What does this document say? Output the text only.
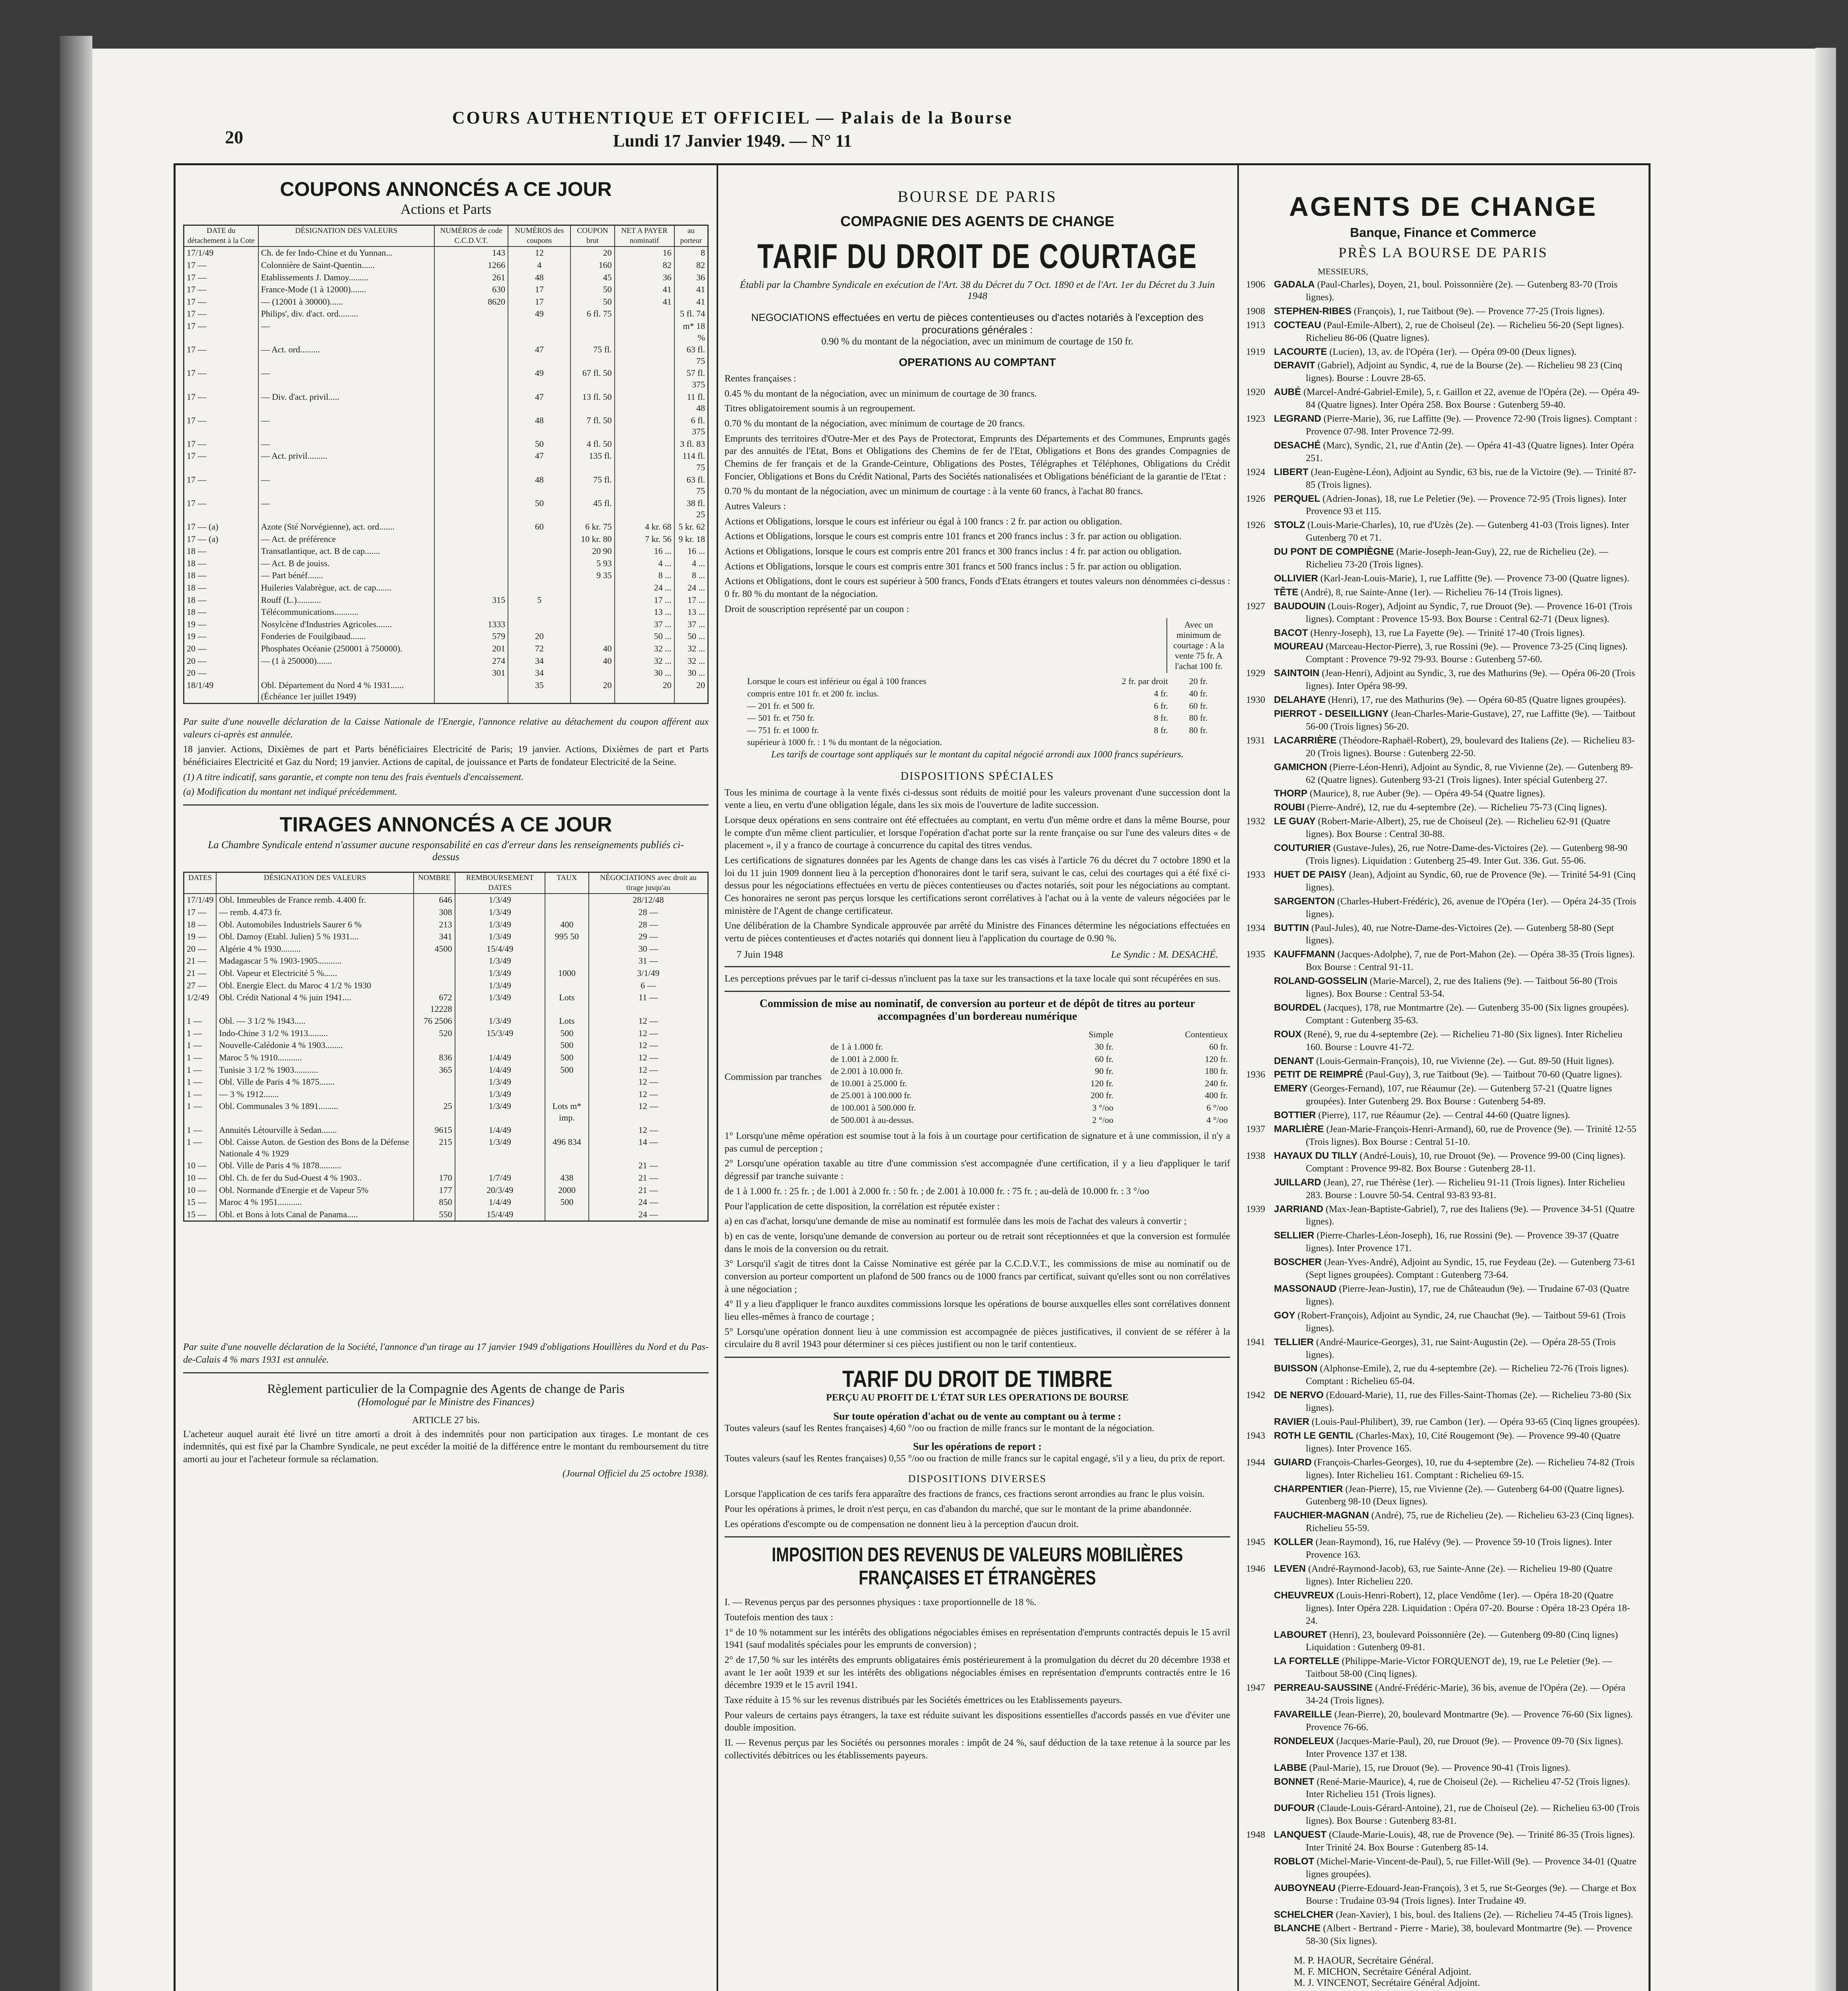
20
COURS AUTHENTIQUE ET OFFICIEL — Palais de la Bourse
Lundi 17 Janvier 1949. — N° 11
COUPONS ANNONCÉS A CE JOUR
Actions et Parts
DATE du détachement à la Cote	DÉSIGNATION DES VALEURS	NUMÉROS de code C.C.D.V.T.	NUMÉROS des coupons	COUPON brut	NET A PAYER nominatif	au porteur
17/1/49	Ch. de fer Indo-Chine et du Yunnan...	143	12	20	16	8
17 —	Colonnière de Saint-Quentin......	1266	4	160	82	82
17 —	Etablissements J. Damoy.........	261	48	45	36	36
17 —	France-Mode (1 à 12000).......	630	17	50	41	41
17 —	— (12001 à 30000)......	8620	17	50	41	41
17 —	Philips', div. d'act. ord.........		49	6 fl. 75		5 fl. 74
17 —	—					m* 18 %
17 —	— Act. ord.........		47	75 fl.		63 fl. 75
17 —	—		49	67 fl. 50		57 fl. 375
17 —	— Div. d'act. privil.....		47	13 fl. 50		11 fl. 48
17 —	—		48	7 fl. 50		6 fl. 375
17 —	—		50	4 fl. 50		3 fl. 83
17 —	— Act. privil.........		47	135 fl.		114 fl. 75
17 —	—		48	75 fl.		63 fl. 75
17 —	—		50	45 fl.		38 fl. 25
17 — (a)	Azote (Sté Norvégienne), act. ord.......		60	6 kr. 75	4 kr. 68	5 kr. 62
17 — (a)	— Act. de préférence			10 kr. 80	7 kr. 56	9 kr. 18
18 —	Transatlantique, act. B de cap.......			20 90	16 ...	16 ...
18 —	— Act. B de jouiss.			5 93	4 ...	4 ...
18 —	— Part bénéf.......			9 35	8 ...	8 ...
18 —	Huileries Valabrègue, act. de cap.......				24 ...	24 ...
18 —	Rouff (L.)...........	315	5		17 ...	17 ...
18 —	Télécommunications...........				13 ...	13 ...
19 —	Nosylcène d'Industries Agricoles.......	1333			37 ...	37 ...
19 —	Fonderies de Fouilgibaud.......	579	20		50 ...	50 ...
20 —	Phosphates Océanie (250001 à 750000).	201	72	40	32 ...	32 ...
20 —	— (1 à 250000).......	274	34	40	32 ...	32 ...
20 —		301	34		30 ...	30 ...
18/1/49	Obl. Département du Nord 4 % 1931...... (Échéance 1er juillet 1949)		35	20	20	20

Par suite d'une nouvelle déclaration de la Caisse Nationale de l'Energie, l'annonce relative au détachement du coupon afférent aux valeurs ci-après est annulée.

18 janvier. Actions, Dixièmes de part et Parts bénéficiaires Electricité de Paris; 19 janvier. Actions, Dixièmes de part et Parts bénéficiaires Electricité et Gaz du Nord; 19 janvier. Actions de capital, de jouissance et Parts de fondateur Electricité de la Seine.

(1) A titre indicatif, sans garantie, et compte non tenu des frais éventuels d'encaissement.

(a) Modification du montant net indiqué précédemment.

TIRAGES ANNONCÉS A CE JOUR
La Chambre Syndicale entend n'assumer aucune responsabilité en cas d'erreur dans les renseignements publiés ci-dessus
DATES	DÉSIGNATION DES VALEURS	NOMBRE	REMBOURSEMENT DATES	TAUX	NÉGOCIATIONS avec droit au tirage jusqu'au
17/1/49	Obl. Immeubles de France remb. 4.400 fr.	646	1/3/49		28/12/48
17 —	— remb. 4.473 fr.	308	1/3/49		28 —
18 —	Obl. Automobiles Industriels Saurer 6 %	213	1/3/49	400	28 —
19 —	Obl. Damoy (Etabl. Julien) 5 % 1931....	341	1/3/49	995 50	29 —
20 —	Algérie 4 % 1930.........	4500	15/4/49		30 —
21 —	Madagascar 5 % 1903-1905...........		1/3/49		31 —
21 —	Obl. Vapeur et Electricité 5 %......		1/3/49	1000	3/1/49
27 —	Obl. Energie Elect. du Maroc 4 1/2 % 1930		1/3/49		6 —
1/2/49	Obl. Crédit National 4 % juin 1941....	672 12228	1/3/49	Lots	11 —
1 —	Obl. — 3 1/2 % 1943.....	76 2506	1/3/49	Lots	12 —
1 —	Indo-Chine 3 1/2 % 1913.........	520	15/3/49	500	12 —
1 —	Nouvelle-Calédonie 4 % 1903........			500	12 —
1 —	Maroc 5 % 1910...........	836	1/4/49	500	12 —
1 —	Tunisie 3 1/2 % 1903...........	365	1/4/49	500	12 —
1 —	Obl. Ville de Paris 4 % 1875.......		1/3/49		12 —
1 —	— 3 % 1912.......		1/3/49		12 —
1 —	Obl. Communales 3 % 1891.........	25	1/3/49	Lots m* imp.	12 —
1 —	Annuités Létourville à Sedan.......	9615	1/4/49		12 —
1 —	Obl. Caisse Auton. de Gestion des Bons de la Défense Nationale 4 % 1929	215	1/3/49	496 834	14 —
10 —	Obl. Ville de Paris 4 % 1878..........				21 —
10 —	Obl. Ch. de fer du Sud-Ouest 4 % 1903..	170	1/7/49	438	21 —
10 —	Obl. Normande d'Energie et de Vapeur 5%	177	20/3/49	2000	21 —
15 —	Maroc 4 % 1951...........	850	1/4/49	500	24 —
15 —	Obl. et Bons à lots Canal de Panama.....	550	15/4/49		24 —

Par suite d'une nouvelle déclaration de la Société, l'annonce d'un tirage au 17 janvier 1949 d'obligations Houillères du Nord et du Pas-de-Calais 4 % mars 1931 est annulée.

Règlement particulier de la Compagnie des Agents de change de Paris
(Homologué par le Ministre des Finances)
ARTICLE 27 bis.

L'acheteur auquel aurait été livré un titre amorti a droit à des indemnités pour non participation aux tirages. Le montant de ces indemnités, qui est fixé par la Chambre Syndicale, ne peut excéder la moitié de la différence entre le montant du remboursement du titre amorti au jour et l'acheteur formule sa réclamation.

(Journal Officiel du 25 octobre 1938).
BOURSE DE PARIS
COMPAGNIE DES AGENTS DE CHANGE
TARIF DU DROIT DE COURTAGE
Établi par la Chambre Syndicale en exécution de l'Art. 38 du Décret du 7 Oct. 1890 et de l'Art. 1er du Décret du 3 Juin 1948
NEGOCIATIONS effectuées en vertu de pièces contentieuses ou d'actes notariés à l'exception des procurations générales :
0.90 % du montant de la négociation, avec un minimum de courtage de 150 fr.
OPERATIONS AU COMPTANT

Rentes françaises :

0.45 % du montant de la négociation, avec un minimum de courtage de 30 francs.

Titres obligatoirement soumis à un regroupement.

0.70 % du montant de la négociation, avec minimum de courtage de 20 francs.

Emprunts des territoires d'Outre-Mer et des Pays de Protectorat, Emprunts des Départements et des Communes, Emprunts gagés par des annuités de l'Etat, Bons et Obligations des Chemins de fer de l'Etat, Obligations et Bons des grandes Compagnies de Chemins de fer français et de la Grande-Ceinture, Obligations des Postes, Télégraphes et Téléphones, Obligations du Crédit Foncier, Obligations et Bons du Crédit National, Parts des Sociétés nationalisées et Obligations bénéficiant de la garantie de l'Etat :

0.70 % du montant de la négociation, avec un minimum de courtage : à la vente 60 francs, à l'achat 80 francs.

Autres Valeurs :

Actions et Obligations, lorsque le cours est inférieur ou égal à 100 francs : 2 fr. par action ou obligation.

Actions et Obligations, lorsque le cours est compris entre 101 francs et 200 francs inclus : 3 fr. par action ou obligation.

Actions et Obligations, lorsque le cours est compris entre 201 francs et 300 francs inclus : 4 fr. par action ou obligation.

Actions et Obligations, lorsque le cours est compris entre 301 francs et 500 francs inclus : 5 fr. par action ou obligation.

Actions et Obligations, dont le cours est supérieur à 500 francs, Fonds d'Etats étrangers et toutes valeurs non dénommées ci-dessus : 0 fr. 80 % du montant de la négociation.

Droit de souscription représenté par un coupon :

Avec un minimum de courtage : A la vente 75 fr. A l'achat 100 fr.
Lorsque le cours est inférieur ou égal à 100 frances	2 fr. par droit	20 fr.
compris entre 101 fr. et 200 fr. inclus.	4 fr.	40 fr.
— 201 fr. et 500 fr.	6 fr.	60 fr.
— 501 fr. et 750 fr.	8 fr.	80 fr.
— 751 fr. et 1000 fr.	8 fr.	80 fr.
supérieur à 1000 fr. : 1 % du montant de la négociation.		

Les tarifs de courtage sont appliqués sur le montant du capital négocié arrondi aux 1000 francs supérieurs.

DISPOSITIONS SPÉCIALES

Tous les minima de courtage à la vente fixés ci-dessus sont réduits de moitié pour les valeurs provenant d'une succession dont la vente a lieu, en vertu d'une obligation légale, dans les six mois de l'ouverture de ladite succession.

Lorsque deux opérations en sens contraire ont été effectuées au comptant, en vertu d'un même ordre et dans la même Bourse, pour le compte d'un même client particulier, et lorsque l'opération d'achat porte sur la rente française ou sur l'une des valeurs dites « de placement », il y a franco de courtage à concurrence du capital des titres vendus.

Les certifications de signatures données par les Agents de change dans les cas visés à l'article 76 du décret du 7 octobre 1890 et la loi du 11 juin 1909 donnent lieu à la perception d'honoraires dont le tarif sera, suivant le cas, celui des courtages qui a été fixé ci-dessus pour les négociations effectuées en vertu de pièces contentieuses ou d'actes notariés, soit pour les négociations au comptant. Ces honoraires ne seront pas perçus lorsque les certifications seront corrélatives à l'achat ou à la vente de valeurs négociées par le ministère de l'Agent de change certificateur.

Une délibération de la Chambre Syndicale approuvée par arrêté du Ministre des Finances détermine les négociations effectuées en vertu de pièces contentieuses et d'actes notariés qui donnent lieu à l'application du courtage de 0.90 %.

7 Juin 1948	Le Syndic : M. DESACHÉ.

Les perceptions prévues par le tarif ci-dessus n'incluent pas la taxe sur les transactions et la taxe locale qui sont récupérées en sus.

Commission de mise au nominatif, de conversion au porteur et de dépôt de titres au porteur accompagnées d'un bordereau numérique
Commission par tranches
	Simple	Contentieux
de 1 à 1.000 fr.	30 fr.	60 fr.
de 1.001 à 2.000 fr.	60 fr.	120 fr.
de 2.001 à 10.000 fr.	90 fr.	180 fr.
de 10.001 à 25.000 fr.	120 fr.	240 fr.
de 25.001 à 100.000 fr.	200 fr.	400 fr.
de 100.001 à 500.000 fr.	3 °/oo	6 °/oo
de 500.001 à au-dessus.	2 °/oo	4 °/oo

1° Lorsqu'une même opération est soumise tout à la fois à un courtage pour certification de signature et à une commission, il n'y a pas cumul de perception ;

2° Lorsqu'une opération taxable au titre d'une commission s'est accompagnée d'une certification, il y a lieu d'appliquer le tarif dégressif par tranche suivante :

de 1 à 1.000 fr. : 25 fr. ; de 1.001 à 2.000 fr. : 50 fr. ; de 2.001 à 10.000 fr. : 75 fr. ; au-delà de 10.000 fr. : 3 °/oo

Pour l'application de cette disposition, la corrélation est réputée exister :

a) en cas d'achat, lorsqu'une demande de mise au nominatif est formulée dans les mois de l'achat des valeurs à convertir ;

b) en cas de vente, lorsqu'une demande de conversion au porteur ou de retrait sont réceptionnées et que la conversion est formulée dans le mois de la conversion ou du retrait.

3° Lorsqu'il s'agit de titres dont la Caisse Nominative est gérée par la C.C.D.V.T., les commissions de mise au nominatif ou de conversion au porteur comportent un plafond de 500 francs ou de 1000 francs par certificat, suivant qu'elles sont ou non corrélatives à une négociation ;

4° Il y a lieu d'appliquer le franco auxdites commissions lorsque les opérations de bourse auxquelles elles sont corrélatives donnent lieu elles-mêmes à franco de courtage ;

5° Lorsqu'une opération donnent lieu à une commission est accompagnée de pièces justificatives, il convient de se référer à la circulaire du 8 avril 1943 pour déterminer si ces pièces justifient ou non le tarif contentieux.

TARIF DU DROIT DE TIMBRE
PERÇU AU PROFIT DE L'ÉTAT SUR LES OPERATIONS DE BOURSE
Sur toute opération d'achat ou de vente au comptant ou à terme :

Toutes valeurs (sauf les Rentes françaises) 4,60 °/oo ou fraction de mille francs sur le montant de la négociation.

Sur les opérations de report :

Toutes valeurs (sauf les Rentes françaises) 0,55 °/oo ou fraction de mille francs sur le capital engagé, s'il y a lieu, du prix de report.

DISPOSITIONS DIVERSES

Lorsque l'application de ces tarifs fera apparaître des fractions de francs, ces fractions seront arrondies au franc le plus voisin.

Pour les opérations à primes, le droit n'est perçu, en cas d'abandon du marché, que sur le montant de la prime abandonnée.

Les opérations d'escompte ou de compensation ne donnent lieu à la perception d'aucun droit.

IMPOSITION DES REVENUS DE VALEURS MOBILIÈRES
FRANÇAISES ET ÉTRANGÈRES

I. — Revenus perçus par des personnes physiques : taxe proportionnelle de 18 %.

Toutefois mention des taux :

1° de 10 % notamment sur les intérêts des obligations négociables émises en représentation d'emprunts contractés depuis le 15 avril 1941 (sauf modalités spéciales pour les emprunts de conversion) ;

2° de 17,50 % sur les intérêts des emprunts obligataires émis postérieurement à la promulgation du décret du 20 décembre 1938 et avant le 1er août 1939 et sur les intérêts des obligations négociables émises en représentation d'emprunts contractés entre le 16 décembre 1939 et le 15 avril 1941.

Taxe réduite à 15 % sur les revenus distribués par les Sociétés émettrices ou les Etablissements payeurs.

Pour valeurs de certains pays étrangers, la taxe est réduite suivant les dispositions essentielles d'accords passés en vue d'éviter une double imposition.

II. — Revenus perçus par les Sociétés ou personnes morales : impôt de 24 %, sauf déduction de la taxe retenue à la source par les collectivités débitrices ou les établissements payeurs.

AGENTS DE CHANGE
Banque, Finance et Commerce
PRÈS LA BOURSE DE PARIS
MESSIEURS,

1906 GADALA (Paul-Charles), Doyen, 21, boul. Poissonnière (2e). — Gutenberg 83-70 (Trois lignes).

1908 STEPHEN-RIBES (François), 1, rue Taitbout (9e). — Provence 77-25 (Trois lignes).

1913 COCTEAU (Paul-Emile-Albert), 2, rue de Choiseul (2e). — Richelieu 56-20 (Sept lignes). Richelieu 86-06 (Quatre lignes).

1919 LACOURTE (Lucien), 13, av. de l'Opéra (1er). — Opéra 09-00 (Deux lignes).

DERAVIT (Gabriel), Adjoint au Syndic, 4, rue de la Bourse (2e). — Richelieu 98 23 (Cinq lignes). Bourse : Louvre 28-65.

1920 AUBÉ (Marcel-André-Gabriel-Emile), 5, r. Gaillon et 22, avenue de l'Opéra (2e). — Opéra 49-84 (Quatre lignes). Inter Opéra 258. Box Bourse : Gutenberg 59-40.

1923 LEGRAND (Pierre-Marie), 36, rue Laffitte (9e). — Provence 72-90 (Trois lignes). Comptant : Provence 07-98. Inter Provence 72-99.

DESACHÉ (Marc), Syndic, 21, rue d'Antin (2e). — Opéra 41-43 (Quatre lignes). Inter Opéra 251.

1924 LIBERT (Jean-Eugène-Léon), Adjoint au Syndic, 63 bis, rue de la Victoire (9e). — Trinité 87-85 (Trois lignes).

1926 PERQUEL (Adrien-Jonas), 18, rue Le Peletier (9e). — Provence 72-95 (Trois lignes). Inter Provence 93 et 115.

1926 STOLZ (Louis-Marie-Charles), 10, rue d'Uzès (2e). — Gutenberg 41-03 (Trois lignes). Inter Gutenberg 70 et 71.

DU PONT DE COMPIÈGNE (Marie-Joseph-Jean-Guy), 22, rue de Richelieu (2e). — Richelieu 73-20 (Trois lignes).

OLLIVIER (Karl-Jean-Louis-Marie), 1, rue Laffitte (9e). — Provence 73-00 (Quatre lignes).

TÊTE (André), 8, rue Sainte-Anne (1er). — Richelieu 76-14 (Trois lignes).

1927 BAUDOUIN (Louis-Roger), Adjoint au Syndic, 7, rue Drouot (9e). — Provence 16-01 (Trois lignes). Comptant : Provence 15-93. Box Bourse : Central 62-71 (Deux lignes).

BACOT (Henry-Joseph), 13, rue La Fayette (9e). — Trinité 17-40 (Trois lignes).

MOUREAU (Marceau-Hector-Pierre), 3, rue Rossini (9e). — Provence 73-25 (Cinq lignes). Comptant : Provence 79-92 79-93. Bourse : Gutenberg 57-60.

1929 SAINTOIN (Jean-Henri), Adjoint au Syndic, 3, rue des Mathurins (9e). — Opéra 06-20 (Trois lignes). Inter Opéra 98-99.

1930 DELAHAYE (Henri), 17, rue des Mathurins (9e). — Opéra 60-85 (Quatre lignes groupées).

PIERROT - DESEILLIGNY (Jean-Charles-Marie-Gustave), 27, rue Laffitte (9e). — Taitbout 56-00 (Trois lignes) 56-20.

1931 LACARRIÈRE (Théodore-Raphaël-Robert), 29, boulevard des Italiens (2e). — Richelieu 83-20 (Trois lignes). Bourse : Gutenberg 22-50.

GAMICHON (Pierre-Léon-Henri), Adjoint au Syndic, 8, rue Vivienne (2e). — Gutenberg 89-62 (Quatre lignes). Gutenberg 93-21 (Trois lignes). Inter spécial Gutenberg 27.

THORP (Maurice), 8, rue Auber (9e). — Opéra 49-54 (Quatre lignes).

ROUBI (Pierre-André), 12, rue du 4-septembre (2e). — Richelieu 75-73 (Cinq lignes).

1932 LE GUAY (Robert-Marie-Albert), 25, rue de Choiseul (2e). — Richelieu 62-91 (Quatre lignes). Box Bourse : Central 30-88.

COUTURIER (Gustave-Jules), 26, rue Notre-Dame-des-Victoires (2e). — Gutenberg 98-90 (Trois lignes). Liquidation : Gutenberg 25-49. Inter Gut. 336. Gut. 55-06.

1933 HUET DE PAISY (Jean), Adjoint au Syndic, 60, rue de Provence (9e). — Trinité 54-91 (Cinq lignes).

SARGENTON (Charles-Hubert-Frédéric), 26, avenue de l'Opéra (1er). — Opéra 24-35 (Trois lignes).

1934 BUTTIN (Paul-Jules), 40, rue Notre-Dame-des-Victoires (2e). — Gutenberg 58-80 (Sept lignes).

1935 KAUFFMANN (Jacques-Adolphe), 7, rue de Port-Mahon (2e). — Opéra 38-35 (Trois lignes). Box Bourse : Central 91-11.

ROLAND-GOSSELIN (Marie-Marcel), 2, rue des Italiens (9e). — Taitbout 56-80 (Trois lignes). Box Bourse : Central 53-54.

BOURDEL (Jacques), 178, rue Montmartre (2e). — Gutenberg 35-00 (Six lignes groupées). Comptant : Gutenberg 35-63.

ROUX (René), 9, rue du 4-septembre (2e). — Richelieu 71-80 (Six lignes). Inter Richelieu 160. Bourse : Louvre 41-72.

DENANT (Louis-Germain-François), 10, rue Vivienne (2e). — Gut. 89-50 (Huit lignes).

1936 PETIT DE REIMPRÉ (Paul-Guy), 3, rue Taitbout (9e). — Taitbout 70-60 (Quatre lignes).

EMERY (Georges-Fernand), 107, rue Réaumur (2e). — Gutenberg 57-21 (Quatre lignes groupées). Inter Gutenberg 29. Box Bourse : Gutenberg 54-89.

BOTTIER (Pierre), 117, rue Réaumur (2e). — Central 44-60 (Quatre lignes).

1937 MARLIÈRE (Jean-Marie-François-Henri-Armand), 60, rue de Provence (9e). — Trinité 12-55 (Trois lignes). Box Bourse : Central 51-10.

1938 HAYAUX DU TILLY (André-Louis), 10, rue Drouot (9e). — Provence 99-00 (Cinq lignes). Comptant : Provence 99-82. Box Bourse : Gutenberg 28-11.

JUILLARD (Jean), 27, rue Thérèse (1er). — Richelieu 91-11 (Trois lignes). Inter Richelieu 283. Bourse : Louvre 50-54. Central 93-83 93-81.

1939 JARRIAND (Max-Jean-Baptiste-Gabriel), 7, rue des Italiens (9e). — Provence 34-51 (Quatre lignes).

SELLIER (Pierre-Charles-Léon-Joseph), 16, rue Rossini (9e). — Provence 39-37 (Quatre lignes). Inter Provence 171.

BOSCHER (Jean-Yves-André), Adjoint au Syndic, 15, rue Feydeau (2e). — Gutenberg 73-61 (Sept lignes groupées). Comptant : Gutenberg 73-64.

MASSONAUD (Pierre-Jean-Justin), 17, rue de Châteaudun (9e). — Trudaine 67-03 (Quatre lignes).

GOY (Robert-François), Adjoint au Syndic, 24, rue Chauchat (9e). — Taitbout 59-61 (Trois lignes).

1941 TELLIER (André-Maurice-Georges), 31, rue Saint-Augustin (2e). — Opéra 28-55 (Trois lignes).

BUISSON (Alphonse-Emile), 2, rue du 4-septembre (2e). — Richelieu 72-76 (Trois lignes). Comptant : Richelieu 65-04.

1942 DE NERVO (Edouard-Marie), 11, rue des Filles-Saint-Thomas (2e). — Richelieu 73-80 (Six lignes).

RAVIER (Louis-Paul-Philibert), 39, rue Cambon (1er). — Opéra 93-65 (Cinq lignes groupées).

1943 ROTH LE GENTIL (Charles-Max), 10, Cité Rougemont (9e). — Provence 99-40 (Quatre lignes). Inter Provence 165.

1944 GUIARD (François-Charles-Georges), 10, rue du 4-septembre (2e). — Richelieu 74-82 (Trois lignes). Inter Richelieu 161. Comptant : Richelieu 69-15.

CHARPENTIER (Jean-Pierre), 15, rue Vivienne (2e). — Gutenberg 64-00 (Quatre lignes). Gutenberg 98-10 (Deux lignes).

FAUCHIER-MAGNAN (André), 75, rue de Richelieu (2e). — Richelieu 63-23 (Cinq lignes). Richelieu 55-59.

1945 KOLLER (Jean-Raymond), 16, rue Halévy (9e). — Provence 59-10 (Trois lignes). Inter Provence 163.

1946 LEVEN (André-Raymond-Jacob), 63, rue Sainte-Anne (2e). — Richelieu 19-80 (Quatre lignes). Inter Richelieu 220.

CHEUVREUX (Louis-Henri-Robert), 12, place Vendôme (1er). — Opéra 18-20 (Quatre lignes). Inter Opéra 228. Liquidation : Opéra 07-20. Bourse : Opéra 18-23 Opéra 18-24.

LABOURET (Henri), 23, boulevard Poissonnière (2e). — Gutenberg 09-80 (Cinq lignes) Liquidation : Gutenberg 09-81.

LA FORTELLE (Philippe-Marie-Victor FORQUENOT de), 19, rue Le Peletier (9e). — Taitbout 58-00 (Cinq lignes).

1947 PERREAU-SAUSSINE (André-Frédéric-Marie), 36 bis, avenue de l'Opéra (2e). — Opéra 34-24 (Trois lignes).

FAVAREILLE (Jean-Pierre), 20, boulevard Montmartre (9e). — Provence 76-60 (Six lignes). Provence 76-66.

RONDELEUX (Jacques-Marie-Paul), 20, rue Drouot (9e). — Provence 09-70 (Six lignes). Inter Provence 137 et 138.

LABBE (Paul-Marie), 15, rue Drouot (9e). — Provence 90-41 (Trois lignes).

BONNET (René-Marie-Maurice), 4, rue de Choiseul (2e). — Richelieu 47-52 (Trois lignes). Inter Richelieu 151 (Trois lignes).

DUFOUR (Claude-Louis-Gérard-Antoine), 21, rue de Choiseul (2e). — Richelieu 63-00 (Trois lignes). Box Bourse : Gutenberg 83-81.

1948 LANQUEST (Claude-Marie-Louis), 48, rue de Provence (9e). — Trinité 86-35 (Trois lignes). Inter Trinité 24. Box Bourse : Gutenberg 85-14.

ROBLOT (Michel-Marie-Vincent-de-Paul), 5, rue Fillet-Will (9e). — Provence 34-01 (Quatre lignes groupées).

AUBOYNEAU (Pierre-Edouard-Jean-François), 3 et 5, rue St-Georges (9e). — Charge et Box Bourse : Trudaine 03-94 (Trois lignes). Inter Trudaine 49.

SCHELCHER (Jean-Xavier), 1 bis, boul. des Italiens (2e). — Richelieu 74-45 (Trois lignes).

BLANCHE (Albert - Bertrand - Pierre - Marie), 38, boulevard Montmartre (9e). — Provence 58-30 (Six lignes).

M. P. HAOUR, Secrétaire Général.
M. F. MICHON, Secrétaire Général Adjoint.
M. J. VINCENOT, Secrétaire Général Adjoint.
